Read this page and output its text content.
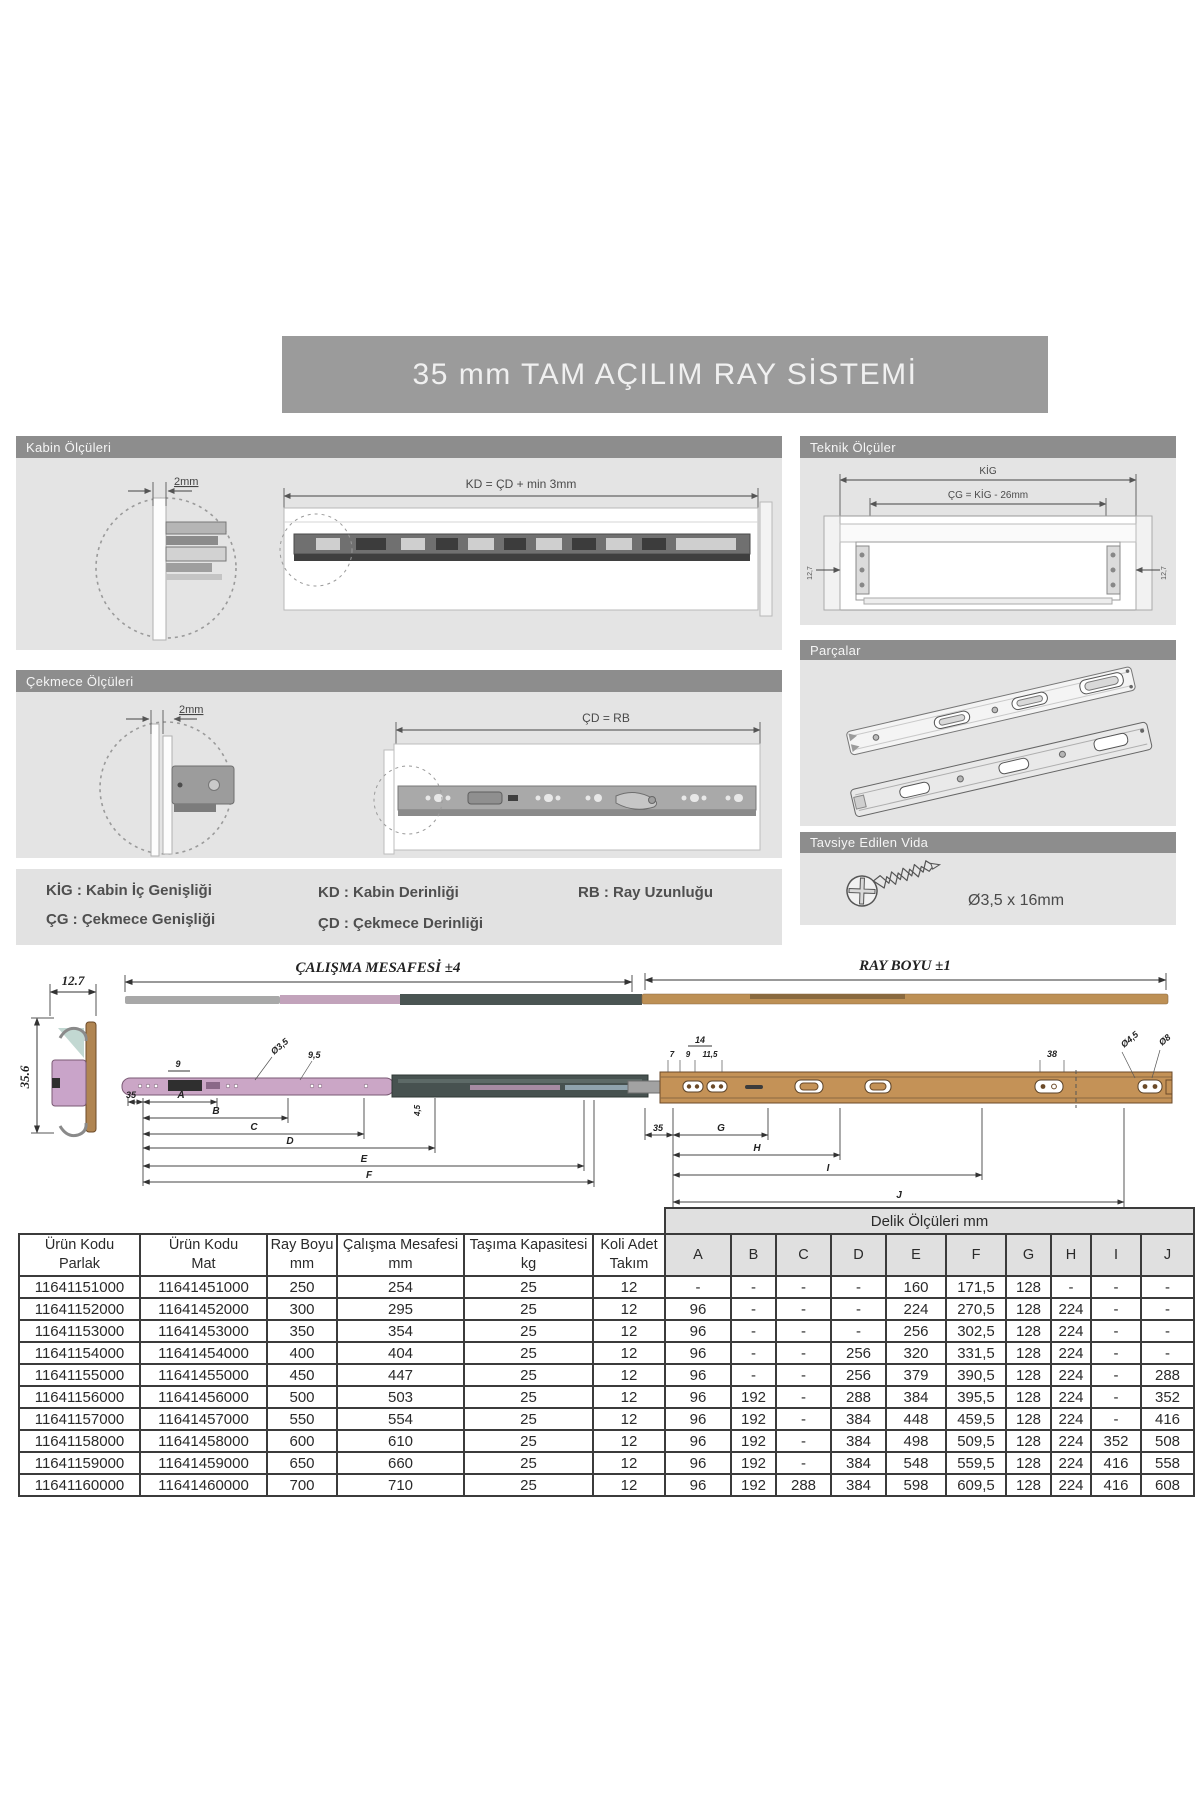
35 mm TAM AÇILIM RAY SİSTEMİ
Kabin Ölçüleri
2mm	KD = ÇD + min 3mm
Teknik Ölçüler
KİG
ÇG = KİG - 26mm
12,7	12,7
Çekmece Ölçüleri
2mm
ÇD = RB
Parçalar
Tavsiye Edilen Vida
Ø3,5 x 16mm
KİG : Kabin İç Genişliği
ÇG : Çekmece Genişliği
KD : Kabin Derinliği
ÇD : Çekmece Derinliği
RB : Ray Uzunluğu
12.7
35.6
ÇALIŞMA MESAFESİ ±4	RAY BOYU ±1
9
Ø3,5 9,5
4,5
14
7 9 11,5	38
Ø4,5 Ø8
35	A
B
C
D
E
F
35	G
H
I
J
Delik Ölçüleri mm
Ürün Kodu
Parlak

Ürün Kodu
Mat

Ray Boyu
mm

Çalışma Mesafesi
mm

Taşıma Kapasitesi
kg

Koli Adet
Takım
	A	B	C	D	E	F	G	H	I	J
11641151000	11641451000	250	254	25	12	-	-	-	-	160	171,5	128	-	-	-
11641152000	11641452000	300	295	25	12	96	-	-	-	224	270,5	128	224	-	-
11641153000	11641453000	350	354	25	12	96	-	-	-	256	302,5	128	224	-	-
11641154000	11641454000	400	404	25	12	96	-	-	256	320	331,5	128	224	-	-
11641155000	11641455000	450	447	25	12	96	-	-	256	379	390,5	128	224	-	288
11641156000	11641456000	500	503	25	12	96	192	-	288	384	395,5	128	224	-	352
11641157000	11641457000	550	554	25	12	96	192	-	384	448	459,5	128	224	-	416
11641158000	11641458000	600	610	25	12	96	192	-	384	498	509,5	128	224	352	508
11641159000	11641459000	650	660	25	12	96	192	-	384	548	559,5	128	224	416	558
11641160000	11641460000	700	710	25	12	96	192	288	384	598	609,5	128	224	416	608
